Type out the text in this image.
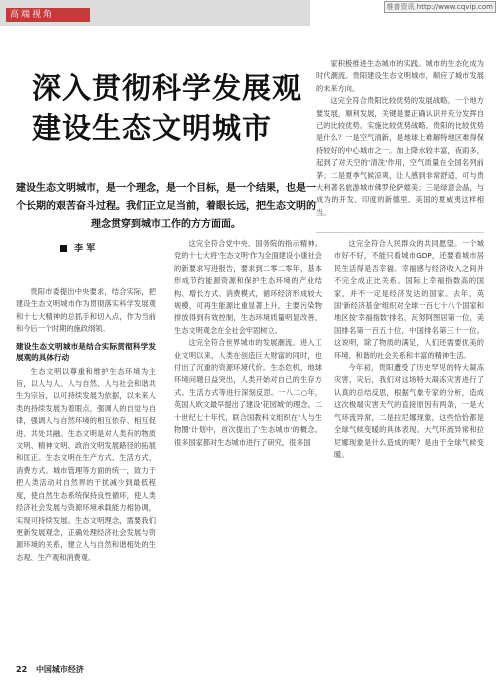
高端视角
维普资讯 http://www.cqvip.com
深入贯彻科学发展观
建设生态文明城市
建设生态文明城市，是一个理念，是一个目标，是一个结果，也是一个长期的艰苦奋斗过程。我们正立足当前，着眼长远，把生态文明的理念贯穿到城市工作的方方面面。
李 军

家积极推进生态城市的实践。城市的生态化成为时代潮流。贵阳建设生态文明城市，顺应了城市发展的未来方向。

这完全符合贵阳比较优势的发展战略。一个地方要发展，顺利发展，关键是要正确认识并充分发挥自己的比较优势。实施比较优势战略。贵阳的比较优势是什么？一是空气清新，是地球上难解特地区难得保持较好的中心城市之一。加上降水较丰富，夜雨多，起到了对天空的'清洗'作用，空气质量在全国名列前茅；二是夏季气候凉爽，让人感到非常舒适，可与贵大利著名旅游城市佛罗伦萨媲美；三是绿意会晶，与成为的开发、印度的新德里、美国的夏威夷这样相当。

贵阳市委提出中央要求，结合实际，把建设生态文明城市作为贯彻落实科学发展观和十七大精神的总抓手和切入点，作为当前和今后一个时期的施政纲领。

建设生态文明城市是结合实际贯彻科学发展观的具体行动

生态文明以尊重和维护生态环境为主旨，以人与人、人与自然、人与社会和谐共生为宗旨，以可持续发展为依据，以未来人类的持续发展为着眼点，强调人的自觉与自律，强调人与自然环境的相互依存、相互促进、共处共融。生态文明是对人类有的物质文明、精神文明、政治文明发展路径的拓展和匡正。生态文明在生产方式、生活方式、消费方式、城市管理等方面的统一，致力于把人类活动对自然界的干扰减少到最低程度，使自然生态系统保持良性循环，使人类经济社会发展与资源环境承载能力相协调，实现可持续发展。生态文明理念，需要我们更新发展观念，正确处理经济社会发展与资源环境的关系，建立人与自然和谐相处的生态观、生产观和消费观。

这完全符合党中央、国务院的指示精神。党的十七大将'生态文明'作为全面建设小康社会的新要求写进报告，要求到二零二零年，基本形成节约能源资源和保护生态环境的产业结构、增长方式、消费模式，循环经济形成较大规模，可再生能源比重显著上升，主要污染物排放得到有效控制，生态环境质量明显改善，生态文明观念在全社会牢固树立。

这完全符合世界城市的发展潮流。进入工业文明以来，人类在创造巨大财富的同时，也付出了沉重的资源环境代价。生态危机，地球环境问题日益突出，人类开始对自己的生存方式、生活方式等进行深刻反思。一八二○年，英国人欧文最早提出了建设'花园城'的理念。二十世纪七十年代，联合国教科文组织在'人与生物圈'计划中，首次提出了'生态城市'的概念。很多国家都对生态城市进行了研究，很多国

这完全符合人民群众的共同愿望。一个城市好不好，不能只看城市GDP，还要看城市居民生活得是否幸福。幸福感与经济收入之间并不完全成正比关系。国际上幸福指数高的国家，并不一定是经济发达的国家。去年，英国'新经济基金'组织对全球一百七十八个国家和地区按'幸福指数'排名，瓦努阿图居第一位，美国排名第一百五十位，中国排名第三十一位。这说明，除了物质的满足，人们还需要优美的环境、和谐的社会关系和丰富的精神生活。

今年初，贵阳遭受了历史罕见的特大凝冻灾害，灾后，我们对这场特大凝冻灾害进行了认真的总结反思，根据气象专家的分析，造成这次极端灾害天气的直接原因有两条，一是大气环流异常，二是拉尼娜现象，这些恰恰都是全球气候变暖的具体表现。大气环流异常和拉尼娜现象是什么造成的呢？是由于全球气候变暖。

22 中国城市经济
